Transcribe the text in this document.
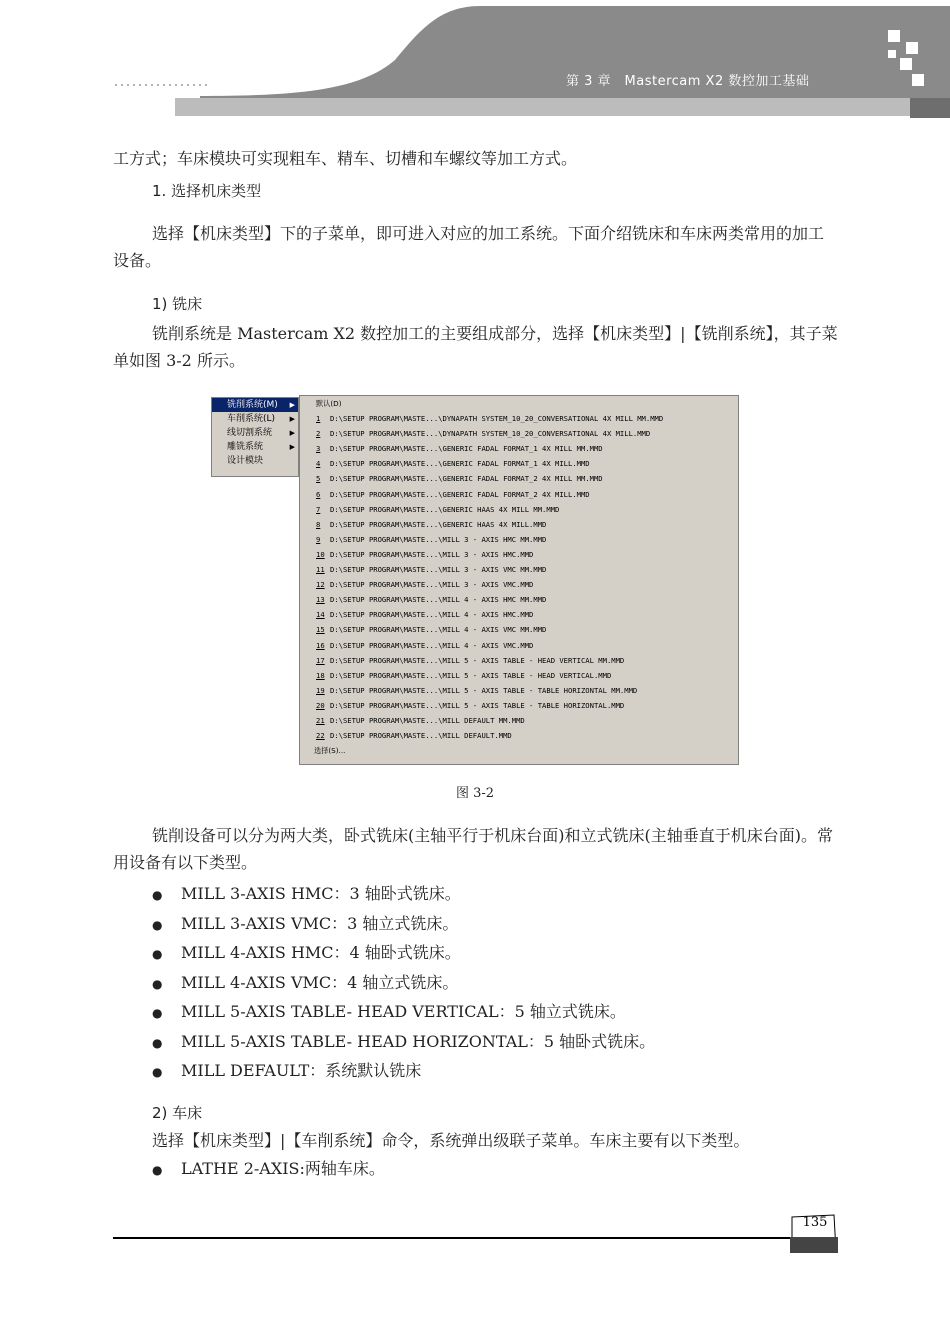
第 3 章　Mastercam X2 数控加工基础
工方式；车床模块可实现粗车、精车、切槽和车螺纹等加工方式。
1. 选择机床类型
选择【机床类型】下的子菜单，即可进入对应的加工系统。下面介绍铣床和车床两类常用的加工设备。
1) 铣床
铣削系统是 Mastercam X2 数控加工的主要组成部分，选择【机床类型】|【铣削系统】，其子菜单如图 3-2 所示。
铣削系统(M) ▶
车削系统(L) ▶
线切割系统	▶
雕铣系统	▶
设计模块
默认(D)
1 D:\SETUP PROGRAM\MASTE...\DYNAPATH SYSTEM_10_20_CONVERSATIONAL 4X MILL MM.MMD
2 D:\SETUP PROGRAM\MASTE...\DYNAPATH SYSTEM_10_20_CONVERSATIONAL 4X MILL.MMD
3 D:\SETUP PROGRAM\MASTE...\GENERIC FADAL FORMAT_1 4X MILL MM.MMD
4 D:\SETUP PROGRAM\MASTE...\GENERIC FADAL FORMAT_1 4X MILL.MMD
5 D:\SETUP PROGRAM\MASTE...\GENERIC FADAL FORMAT_2 4X MILL MM.MMD
6 D:\SETUP PROGRAM\MASTE...\GENERIC FADAL FORMAT_2 4X MILL.MMD
7 D:\SETUP PROGRAM\MASTE...\GENERIC HAAS 4X MILL MM.MMD
8 D:\SETUP PROGRAM\MASTE...\GENERIC HAAS 4X MILL.MMD
9 D:\SETUP PROGRAM\MASTE...\MILL 3 - AXIS HMC MM.MMD
10 D:\SETUP PROGRAM\MASTE...\MILL 3 - AXIS HMC.MMD
11 D:\SETUP PROGRAM\MASTE...\MILL 3 - AXIS VMC MM.MMD
12 D:\SETUP PROGRAM\MASTE...\MILL 3 - AXIS VMC.MMD
13 D:\SETUP PROGRAM\MASTE...\MILL 4 - AXIS HMC MM.MMD
14 D:\SETUP PROGRAM\MASTE...\MILL 4 - AXIS HMC.MMD
15 D:\SETUP PROGRAM\MASTE...\MILL 4 - AXIS VMC MM.MMD
16 D:\SETUP PROGRAM\MASTE...\MILL 4 - AXIS VMC.MMD
17 D:\SETUP PROGRAM\MASTE...\MILL 5 - AXIS TABLE - HEAD VERTICAL MM.MMD
18 D:\SETUP PROGRAM\MASTE...\MILL 5 - AXIS TABLE - HEAD VERTICAL.MMD
19 D:\SETUP PROGRAM\MASTE...\MILL 5 - AXIS TABLE - TABLE HORIZONTAL MM.MMD
20 D:\SETUP PROGRAM\MASTE...\MILL 5 - AXIS TABLE - TABLE HORIZONTAL.MMD
21 D:\SETUP PROGRAM\MASTE...\MILL DEFAULT MM.MMD
22 D:\SETUP PROGRAM\MASTE...\MILL DEFAULT.MMD
选择(S)...
图 3-2
铣削设备可以分为两大类，卧式铣床(主轴平行于机床台面)和立式铣床(主轴垂直于机床台面)。常用设备有以下类型。
● MILL 3-AXIS HMC：3 轴卧式铣床。
● MILL 3-AXIS VMC：3 轴立式铣床。
● MILL 4-AXIS HMC：4 轴卧式铣床。
● MILL 4-AXIS VMC：4 轴立式铣床。
● MILL 5-AXIS TABLE- HEAD VERTICAL：5 轴立式铣床。
● MILL 5-AXIS TABLE- HEAD HORIZONTAL：5 轴卧式铣床。
● MILL DEFAULT：系统默认铣床
2) 车床
选择【机床类型】|【车削系统】命令，系统弹出级联子菜单。车床主要有以下类型。
● LATHE 2-AXIS:两轴车床。
135
